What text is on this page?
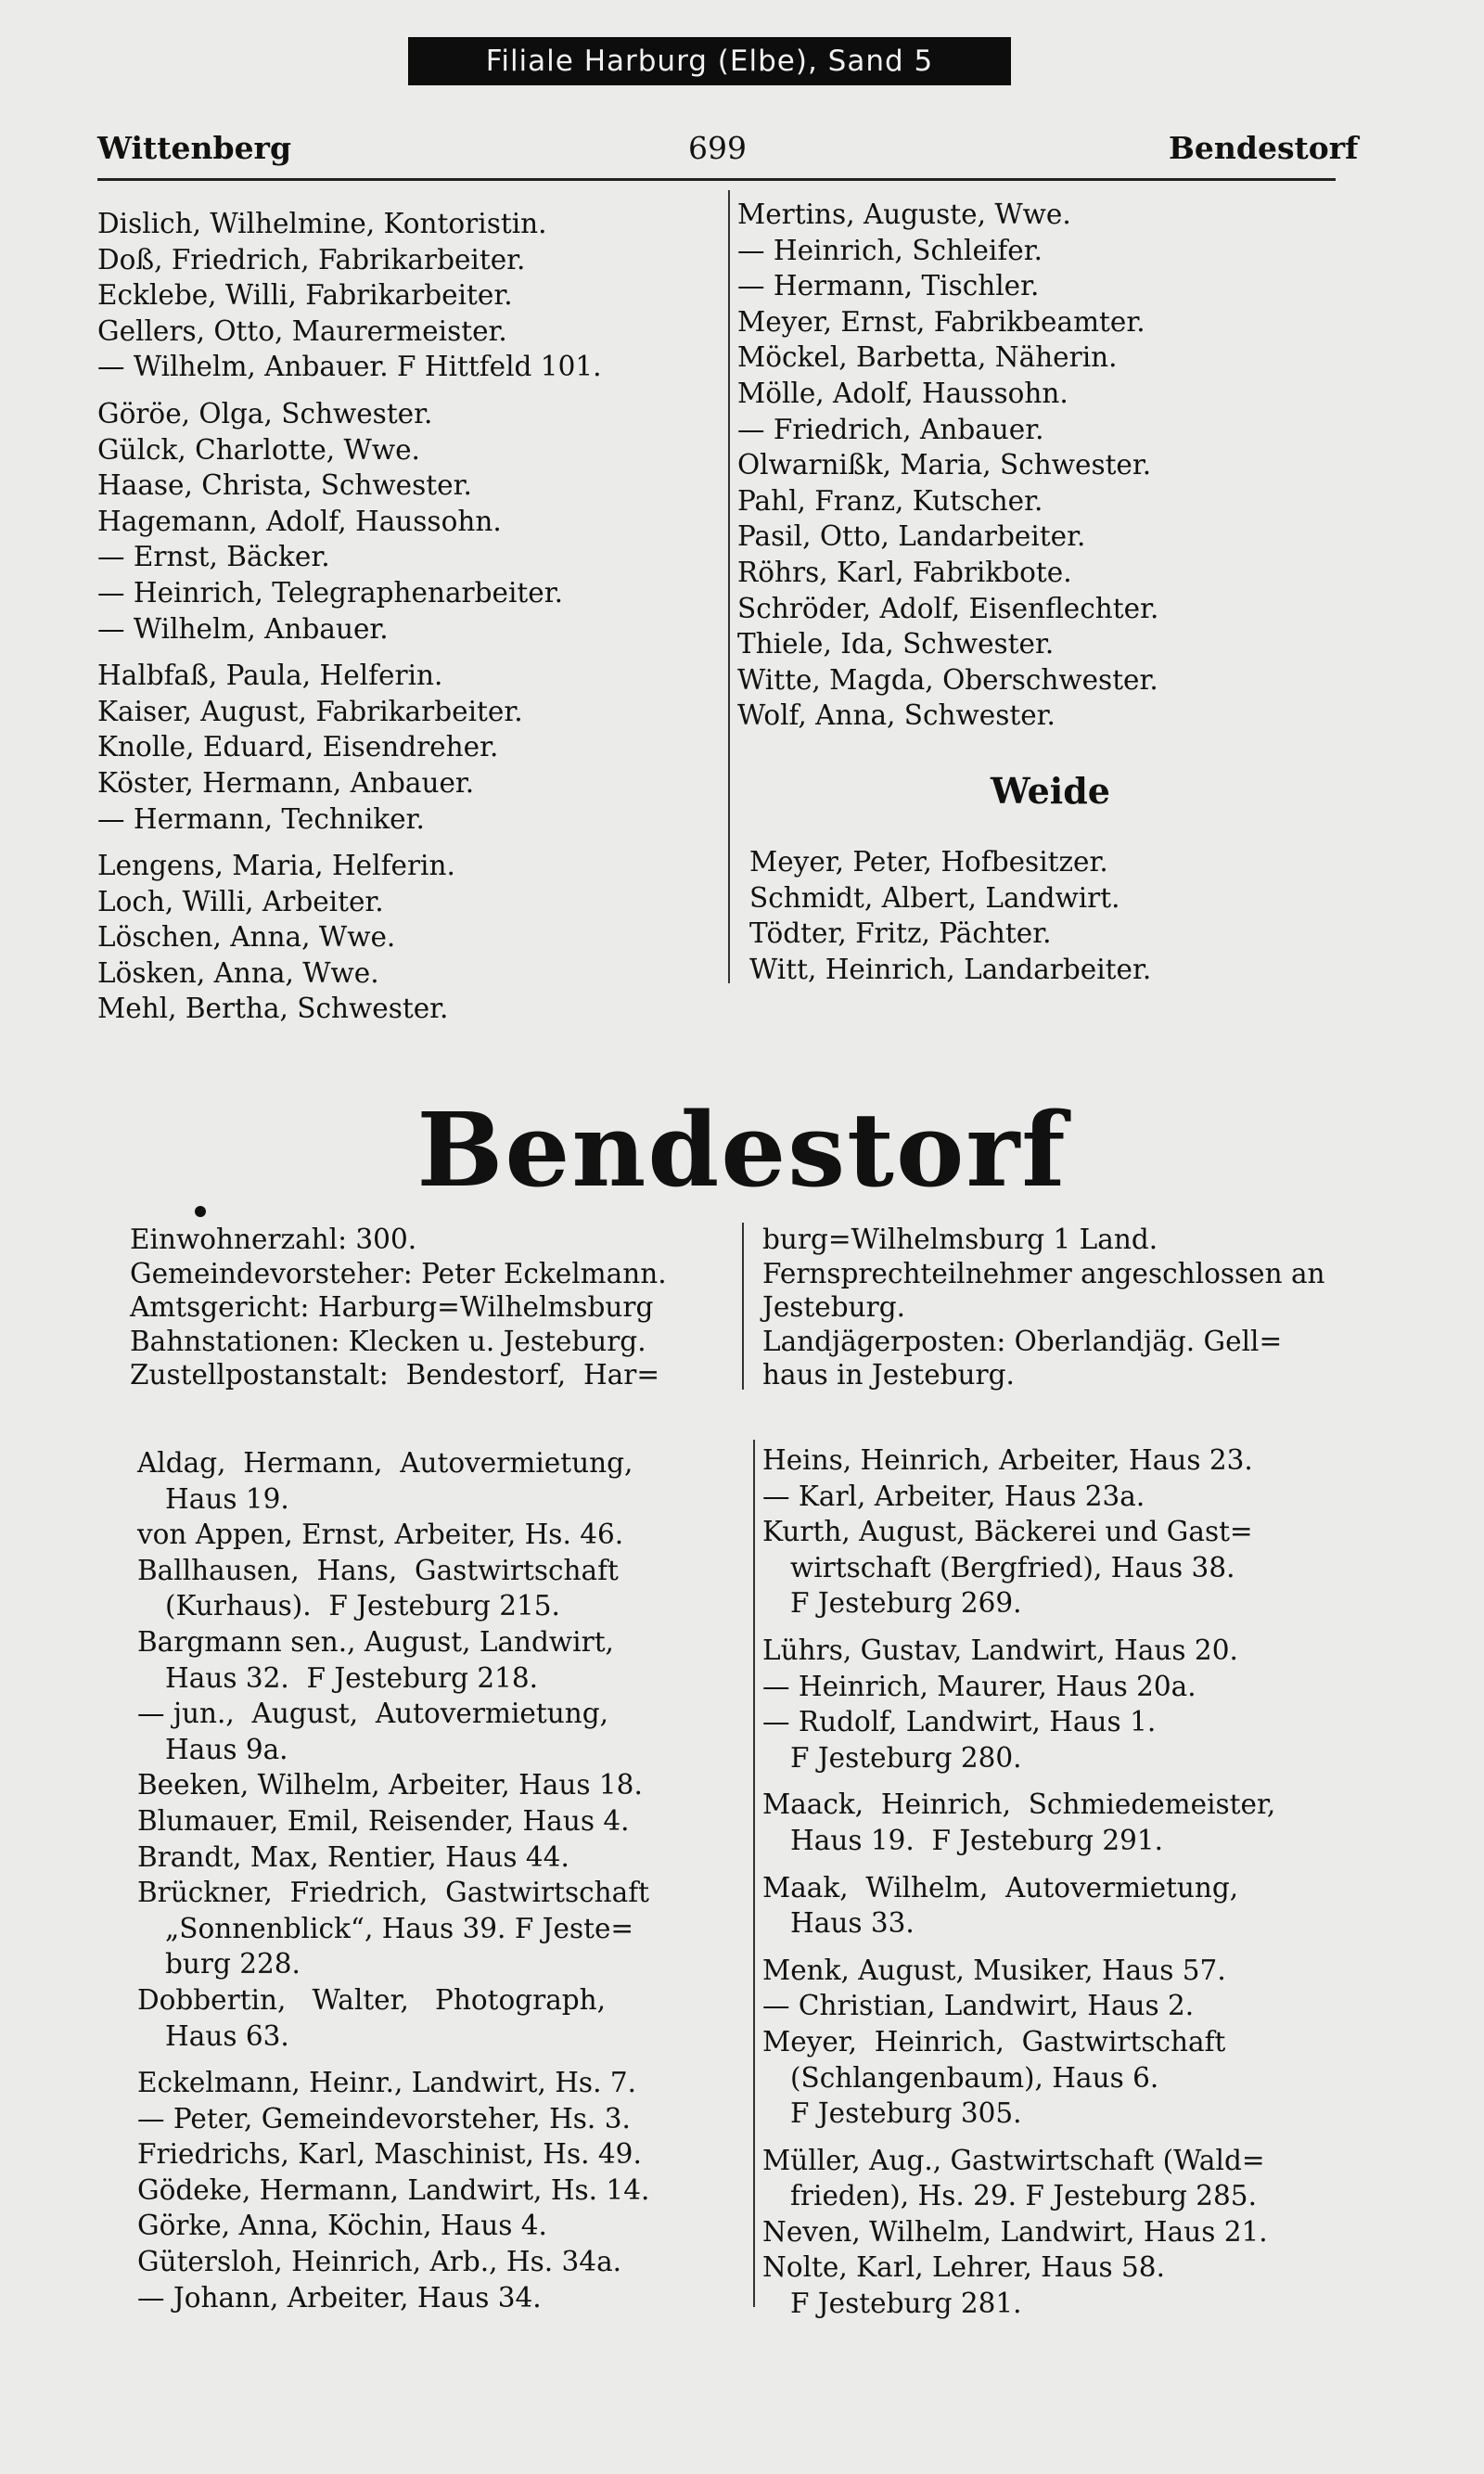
Filiale Harburg (Elbe), Sand 5
Wittenberg	699	Bendestorf
Dislich, Wilhelmine, Kontoristin.
Doß, Friedrich, Fabrikarbeiter.
Ecklebe, Willi, Fabrikarbeiter.
Gellers, Otto, Maurermeister.
— Wilhelm, Anbauer. F Hittfeld 101.
Göröe, Olga, Schwester.
Gülck, Charlotte, Wwe.
Haase, Christa, Schwester.
Hagemann, Adolf, Haussohn.
— Ernst, Bäcker.
— Heinrich, Telegraphenarbeiter.
— Wilhelm, Anbauer.
Halbfaß, Paula, Helferin.
Kaiser, August, Fabrikarbeiter.
Knolle, Eduard, Eisendreher.
Köster, Hermann, Anbauer.
— Hermann, Techniker.
Lengens, Maria, Helferin.
Loch, Willi, Arbeiter.
Löschen, Anna, Wwe.
Lösken, Anna, Wwe.
Mehl, Bertha, Schwester.
Mertins, Auguste, Wwe.
— Heinrich, Schleifer.
— Hermann, Tischler.
Meyer, Ernst, Fabrikbeamter.
Möckel, Barbetta, Näherin.
Mölle, Adolf, Haussohn.
— Friedrich, Anbauer.
Olwarnißk, Maria, Schwester.
Pahl, Franz, Kutscher.
Pasil, Otto, Landarbeiter.
Röhrs, Karl, Fabrikbote.
Schröder, Adolf, Eisenflechter.
Thiele, Ida, Schwester.
Witte, Magda, Oberschwester.
Wolf, Anna, Schwester.
Weide
Meyer, Peter, Hofbesitzer.
Schmidt, Albert, Landwirt.
Tödter, Fritz, Pächter.
Witt, Heinrich, Landarbeiter.
Bendestorf
Einwohnerzahl: 300.
Gemeindevorsteher: Peter Eckelmann.
Amtsgericht: Harburg=Wilhelmsburg
Bahnstationen: Klecken u. Jesteburg.
Zustellpostanstalt:  Bendestorf,  Har=
burg=Wilhelmsburg 1 Land.
Fernsprechteilnehmer angeschlossen an
Jesteburg.
Landjägerposten: Oberlandjäg. Gell=
haus in Jesteburg.
Aldag,  Hermann,  Autovermietung,
Haus 19.
von Appen, Ernst, Arbeiter, Hs. 46.
Ballhausen,  Hans,  Gastwirtschaft
(Kurhaus).  F Jesteburg 215.
Bargmann sen., August, Landwirt,
Haus 32.  F Jesteburg 218.
— jun.,  August,  Autovermietung,
Haus 9a.
Beeken, Wilhelm, Arbeiter, Haus 18.
Blumauer, Emil, Reisender, Haus 4.
Brandt, Max, Rentier, Haus 44.
Brückner,  Friedrich,  Gastwirtschaft
„Sonnenblick“, Haus 39. F Jeste=
burg 228.
Dobbertin,   Walter,   Photograph,
Haus 63.
Eckelmann, Heinr., Landwirt, Hs. 7.
— Peter, Gemeindevorsteher, Hs. 3.
Friedrichs, Karl, Maschinist, Hs. 49.
Gödeke, Hermann, Landwirt, Hs. 14.
Görke, Anna, Köchin, Haus 4.
Gütersloh, Heinrich, Arb., Hs. 34a.
— Johann, Arbeiter, Haus 34.
Heins, Heinrich, Arbeiter, Haus 23.
— Karl, Arbeiter, Haus 23a.
Kurth, August, Bäckerei und Gast=
wirtschaft (Bergfried), Haus 38.
F Jesteburg 269.
Lührs, Gustav, Landwirt, Haus 20.
— Heinrich, Maurer, Haus 20a.
— Rudolf, Landwirt, Haus 1.
F Jesteburg 280.
Maack,  Heinrich,  Schmiedemeister,
Haus 19.  F Jesteburg 291.
Maak,  Wilhelm,  Autovermietung,
Haus 33.
Menk, August, Musiker, Haus 57.
— Christian, Landwirt, Haus 2.
Meyer,  Heinrich,  Gastwirtschaft
(Schlangenbaum), Haus 6.
F Jesteburg 305.
Müller, Aug., Gastwirtschaft (Wald=
frieden), Hs. 29. F Jesteburg 285.
Neven, Wilhelm, Landwirt, Haus 21.
Nolte, Karl, Lehrer, Haus 58.
F Jesteburg 281.
